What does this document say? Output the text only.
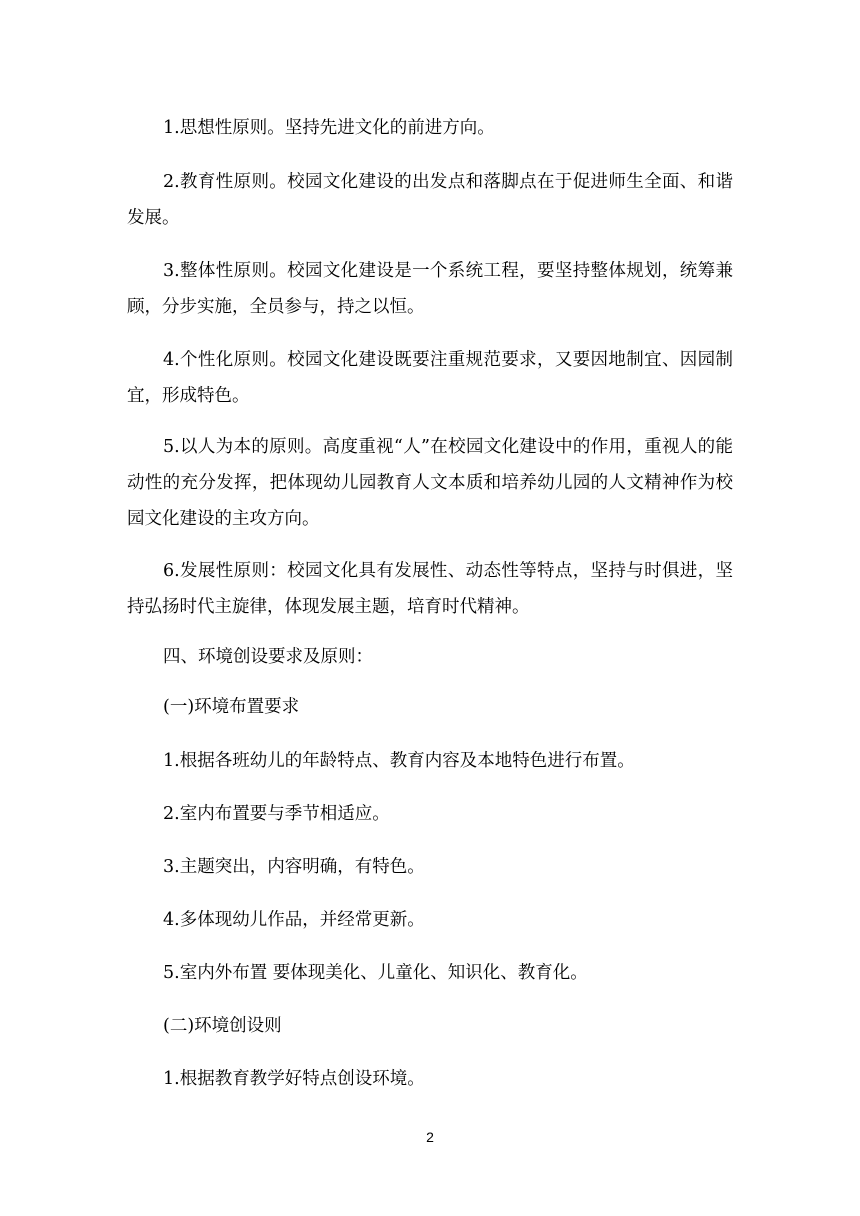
1.思想性原则。坚持先进文化的前进方向。

2.教育性原则。校园文化建设的出发点和落脚点在于促进师生全面、和谐发展。

3.整体性原则。校园文化建设是一个系统工程，要坚持整体规划，统筹兼顾，分步实施，全员参与，持之以恒。

4.个性化原则。校园文化建设既要注重规范要求，又要因地制宜、因园制宜，形成特色。

5.以人为本的原则。高度重视“人”在校园文化建设中的作用，重视人的能动性的充分发挥，把体现幼儿园教育人文本质和培养幼儿园的人文精神作为校园文化建设的主攻方向。

6.发展性原则：校园文化具有发展性、动态性等特点，坚持与时俱进，坚持弘扬时代主旋律，体现发展主题，培育时代精神。

四、环境创设要求及原则：

(一)环境布置要求

1.根据各班幼儿的年龄特点、教育内容及本地特色进行布置。

2.室内布置要与季节相适应。

3.主题突出，内容明确，有特色。

4.多体现幼儿作品，并经常更新。

5.室内外布置 要体现美化、儿童化、知识化、教育化。

(二)环境创设则

1.根据教育教学好特点创设环境。

2
